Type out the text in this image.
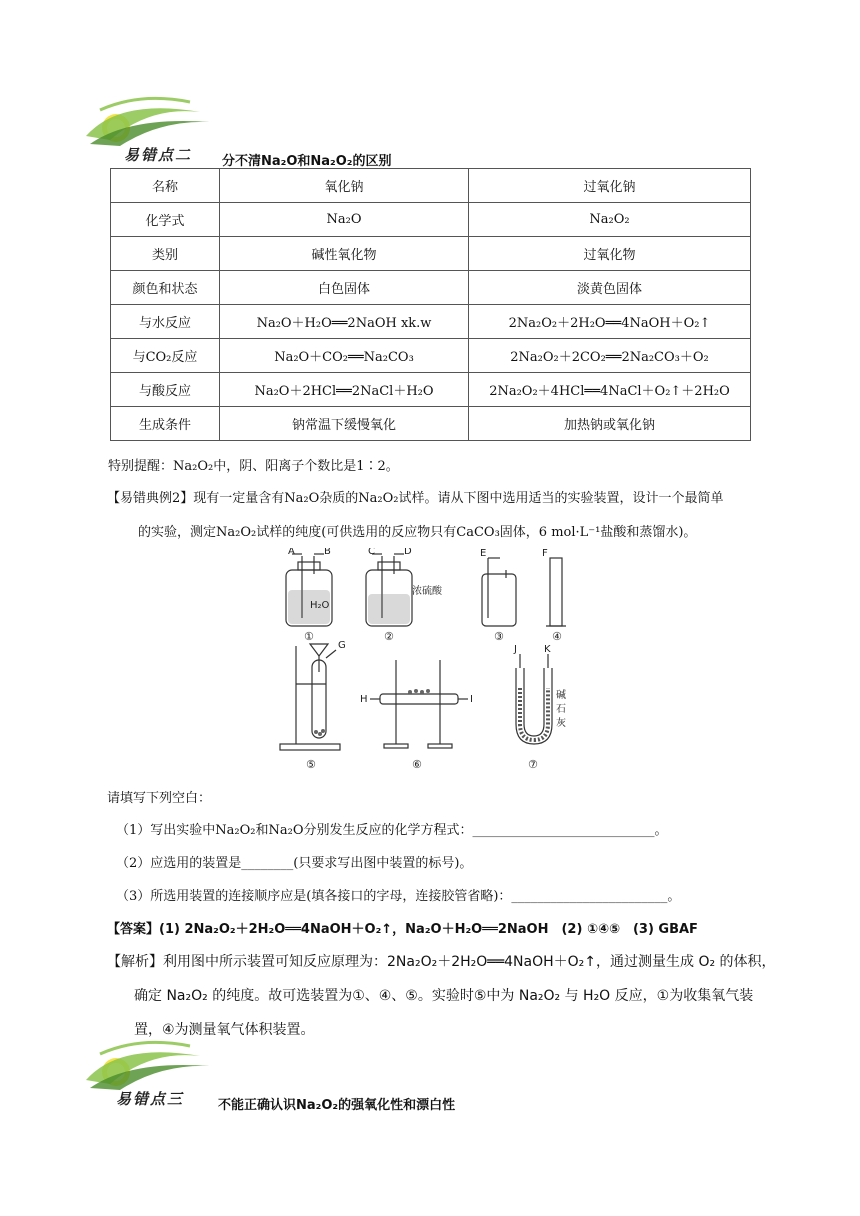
易错点二 分不清Na₂O和Na₂O₂的区别
名称	氧化钠	过氧化钠
化学式	Na₂O	Na₂O₂
类别	碱性氧化物	过氧化物
颜色和状态	白色固体	淡黄色固体
与水反应	Na₂O＋H₂O══2NaOH xk.w	2Na₂O₂＋2H₂O══4NaOH＋O₂↑
与CO₂反应	Na₂O＋CO₂══Na₂CO₃	2Na₂O₂＋2CO₂══2Na₂CO₃＋O₂
与酸反应	Na₂O＋2HCl══2NaCl＋H₂O	2Na₂O₂＋4HCl══4NaCl＋O₂↑＋2H₂O
生成条件	钠常温下缓慢氧化	加热钠或氧化钠
特别提醒：Na₂O₂中，阴、阳离子个数比是1∶2。
【易错典例2】现有一定量含有Na₂O杂质的Na₂O₂试样。请从下图中选用适当的实验装置，设计一个最简单
的实验，测定Na₂O₂试样的纯度(可供选用的反应物只有CaCO₃固体，6 mol·L⁻¹盐酸和蒸馏水)。
A	B	C	D	E	F
G
H	I
J	K
H₂O
浓硫酸
碱
石
灰
①	②	③	④
⑤	⑥	⑦
请填写下列空白：
（1）写出实验中Na₂O₂和Na₂O分别发生反应的化学方程式：____________________________。
（2）应选用的装置是________(只要求写出图中装置的标号)。
（3）所选用装置的连接顺序应是(填各接口的字母，连接胶管省略)：________________________。
【答案】(1) 2Na₂O₂＋2H₂O══4NaOH＋O₂↑，Na₂O＋H₂O══2NaOH　(2) ①④⑤　(3) GBAF
【解析】利用图中所示装置可知反应原理为：2Na₂O₂＋2H₂O══4NaOH＋O₂↑，通过测量生成 O₂ 的体积，
确定 Na₂O₂ 的纯度。故可选装置为①、④、⑤。实验时⑤中为 Na₂O₂ 与 H₂O 反应，①为收集氧气装
置，④为测量氧气体积装置。
易错点三	不能正确认识Na₂O₂的强氧化性和漂白性
